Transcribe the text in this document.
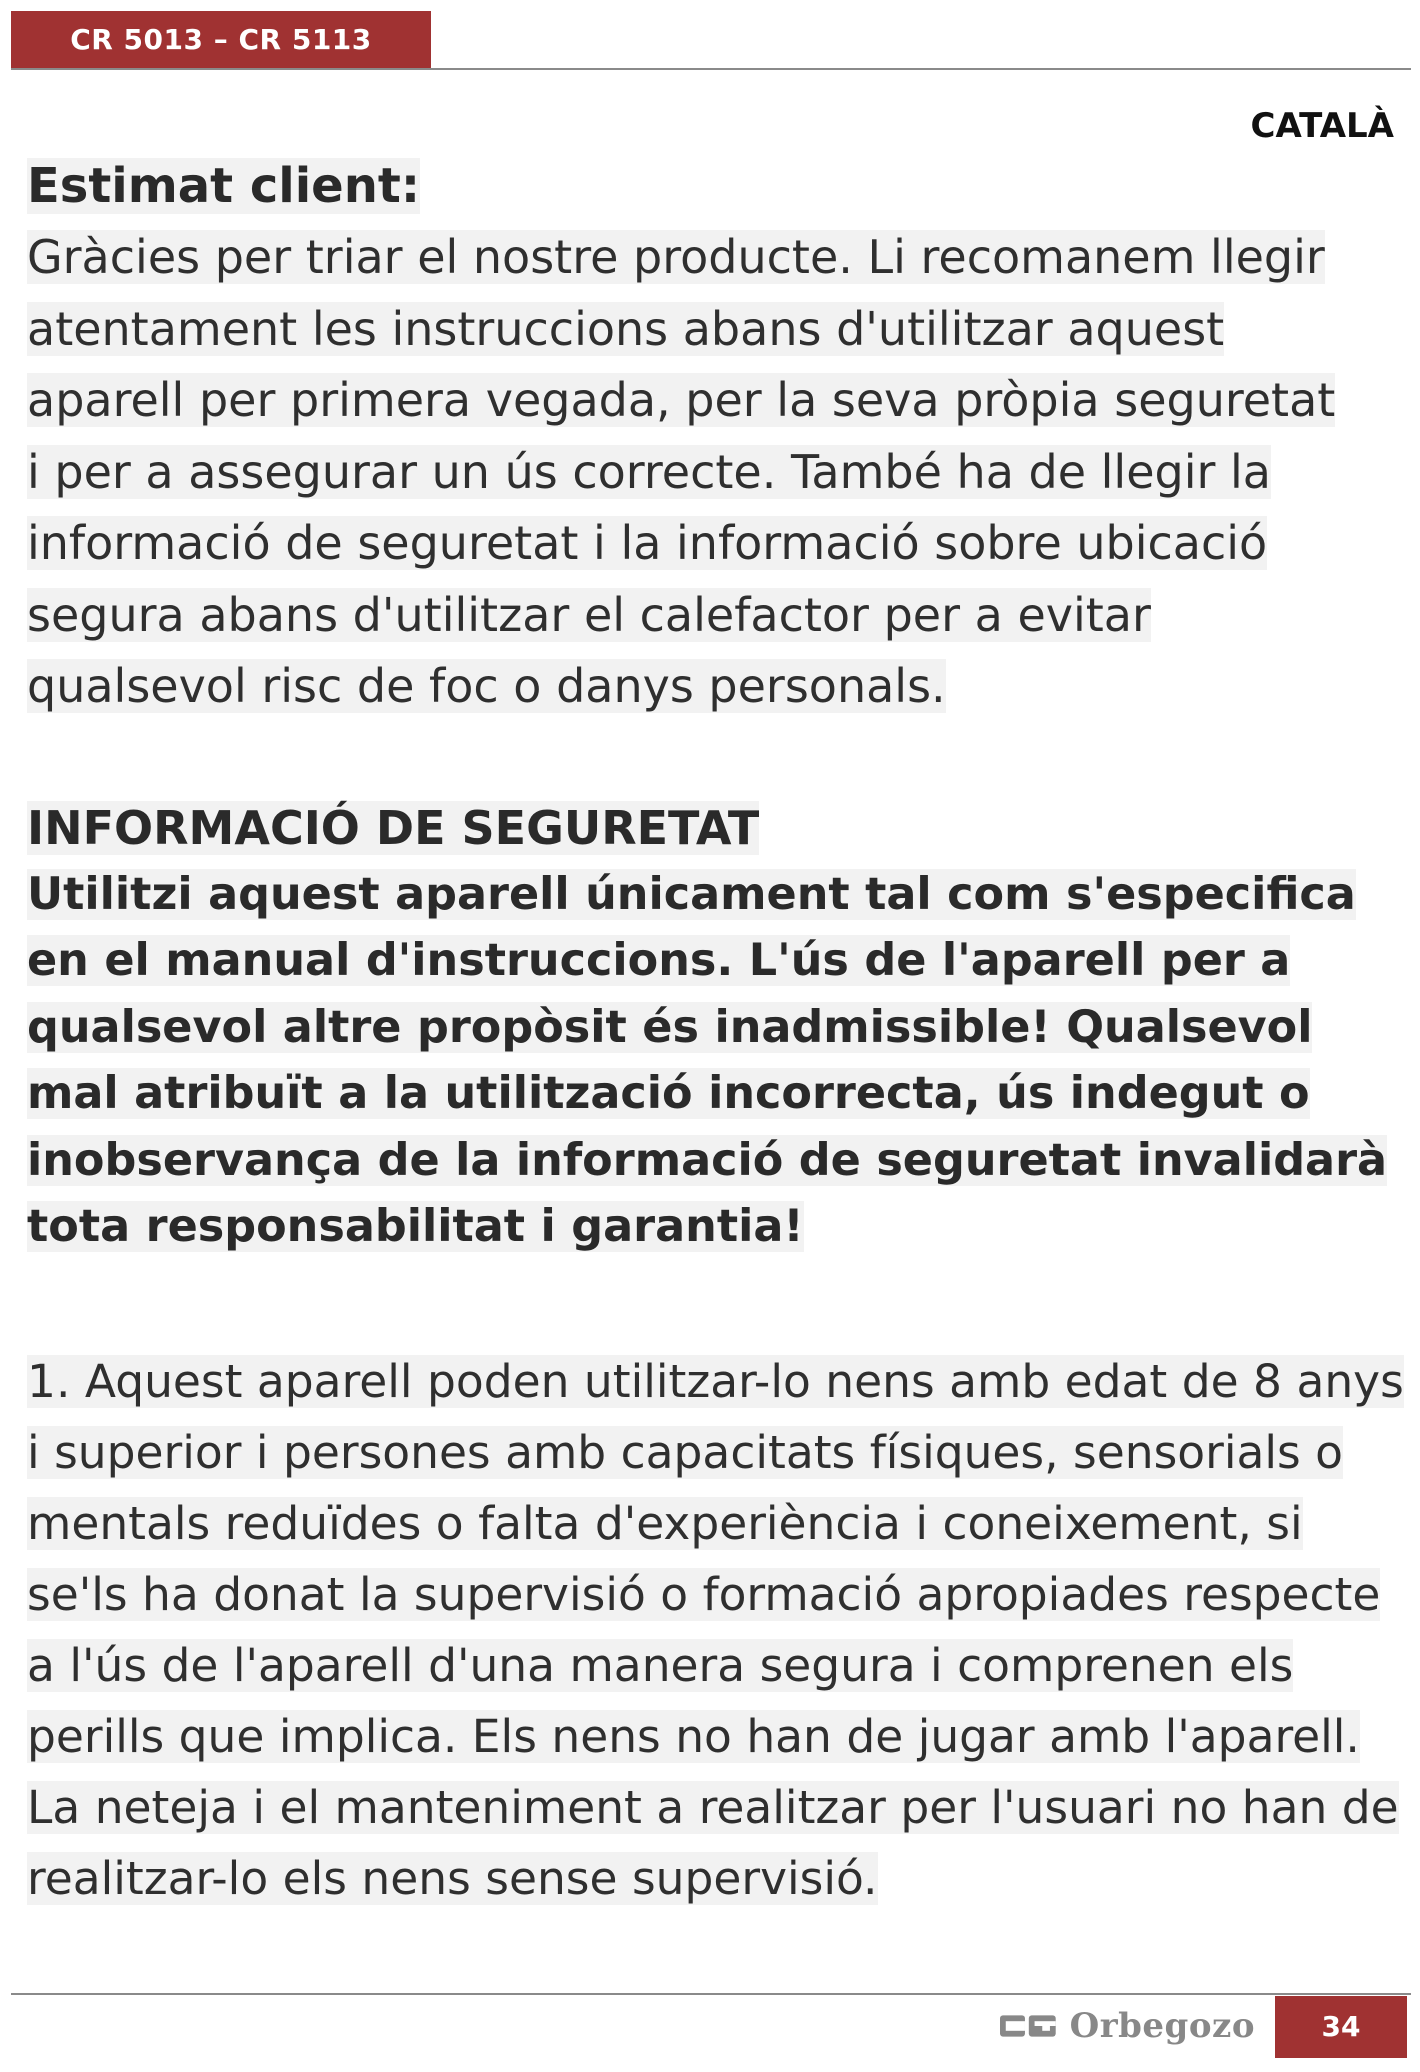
CR 5013 – CR 5113
CATALÀ

Estimat client:

Gràcies per triar el nostre producte. Li recomanem llegir atentament les instruccions abans d'utilitzar aquest aparell per primera vegada, per la seva pròpia seguretat i per a assegurar un ús correcte. També ha de llegir la informació de seguretat i la informació sobre ubicació segura abans d'utilitzar el calefactor per a evitar qualsevol risc de foc o danys personals.

INFORMACIÓ DE SEGURETAT

Utilitzi aquest aparell únicament tal com s'especifica en el manual d'instruccions. L'ús de l'aparell per a qualsevol altre propòsit és inadmissible! Qualsevol mal atribuït a la utilització incorrecta, ús indegut o inobservança de la informació de seguretat invalidarà tota responsabilitat i garantia!

1. Aquest aparell poden utilitzar-lo nens amb edat de 8 anys i superior i persones amb capacitats físiques, sensorials o mentals reduïdes o falta d'experiència i coneixement, si se'ls ha donat la supervisió o formació apropiades respecte a l'ús de l'aparell d'una manera segura i comprenen els perills que implica. Els nens no han de jugar amb l'aparell. La neteja i el manteniment a realitzar per l'usuari no han de realitzar-lo els nens sense supervisió.

Orbegozo	34
